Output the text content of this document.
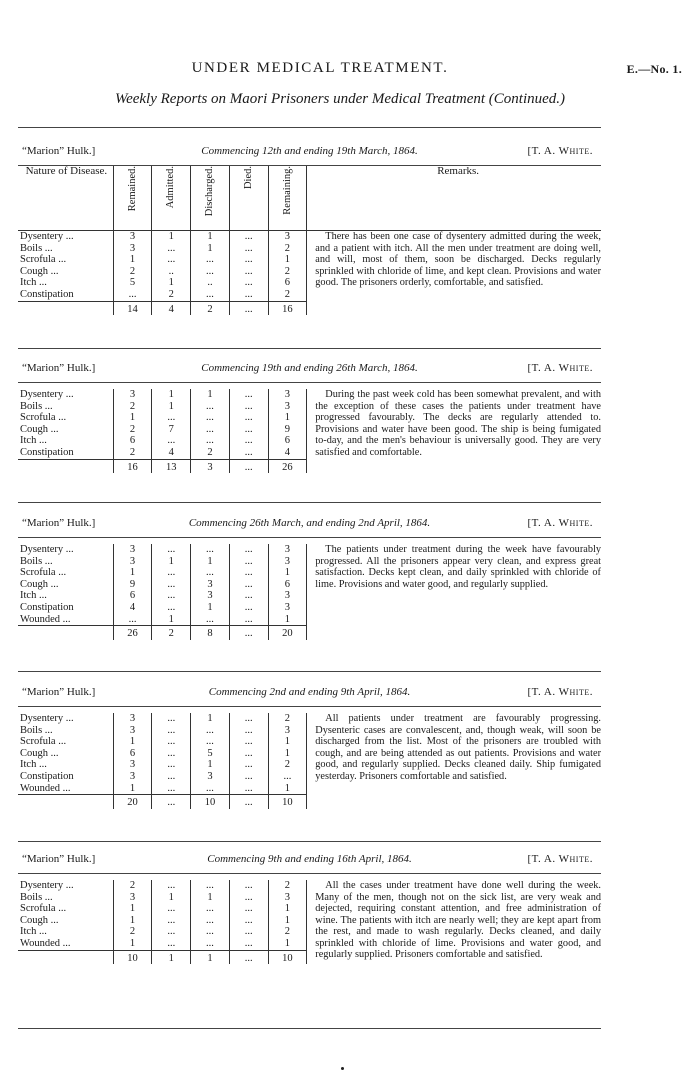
UNDER MEDICAL TREATMENT.	E.—No. 1.
Weekly Reports on Maori Prisoners under Medical Treatment (Continued.)
“Marion” Hulk.]	Commencing 12th and ending 19th March, 1864.	[T. A. White.
Nature of Disease.	Remained.	Admitted.	Discharged.	Died.	Remaining.	Remarks.
Dysentery ...	3	1	1	...	3	There has been one case of dysentery admitted during the week, and a patient with itch. All the men under treatment are doing well, and will, most of them, soon be discharged. Decks regularly sprinkled with chloride of lime, and kept clean. Provisions and water good. The prisoners orderly, comfortable, and satisfied.

Boils ...	3	...	1	...	2	
Scrofula ...	1	...	...	...	1	
Cough ...	2	..	...	...	2	
Itch ...	5	1	..	...	6	
Constipation	...	2	...	...	2	
	14	4	2	...	16	
“Marion” Hulk.]	Commencing 19th and ending 26th March, 1864.	[T. A. White.
Dysentery ...	3	1	1	...	3	During the past week cold has been somewhat prevalent, and with the exception of these cases the patients under treatment have progressed favourably. The decks are regularly attended to. Provisions and water have been good. The ship is being fumigated to-day, and the men's behaviour is universally good. They are very satisfied and comfortable.

Boils ...	2	1	...	...	3	
Scrofula ...	1	...	...	...	1	
Cough ...	2	7	...	...	9	
Itch ...	6	...	...	...	6	
Constipation	2	4	2	...	4	
	16	13	3	...	26	
“Marion” Hulk.]	Commencing 26th March, and ending 2nd April, 1864.	[T. A. White.
Dysentery ...	3	...	...	...	3	The patients under treatment during the week have favourably progressed. All the prisoners appear very clean, and express great satisfaction. Decks kept clean, and daily sprinkled with chloride of lime. Provisions and water good, and regularly supplied.

Boils ...	3	1	1	...	3	
Scrofula ...	1	...	...	...	1	
Cough ...	9	...	3	...	6	
Itch ...	6	...	3	...	3	
Constipation	4	...	1	...	3	
Wounded ...	...	1	...	...	1	
	26	2	8	...	20	
“Marion” Hulk.]	Commencing 2nd and ending 9th April, 1864.	[T. A. White.
Dysentery ...	3	...	1	...	2	All patients under treatment are favourably progressing. Dysenteric cases are convalescent, and, though weak, will soon be discharged from the list. Most of the prisoners are troubled with cough, and are being attended as out patients. Provisions and water good, and regularly supplied. Decks cleaned daily. Ship fumigated yesterday. Prisoners comfortable and satisfied.

Boils ...	3	...	...	...	3	
Scrofula ...	1	...	...	...	1	
Cough ...	6	...	5	...	1	
Itch ...	3	...	1	...	2	
Constipation	3	...	3	...	...	
Wounded ...	1	...	...	...	1	
	20	...	10	...	10	
“Marion” Hulk.]	Commencing 9th and ending 16th April, 1864.	[T. A. White.
Dysentery ...	2	...	...	...	2	All the cases under treatment have done well during the week. Many of the men, though not on the sick list, are very weak and dejected, requiring constant attention, and free administration of wine. The patients with itch are nearly well; they are kept apart from the rest, and made to wash regularly. Decks cleaned, and daily sprinkled with chloride of lime. Provisions and water good, and regularly supplied. Prisoners comfortable and satisfied.

Boils ...	3	1	1	...	3	
Scrofula ...	1	...	...	...	1	
Cough ...	1	...	...	...	1	
Itch ...	2	...	...	...	2	
Wounded ...	1	...	...	...	1	
	10	1	1	...	10	
